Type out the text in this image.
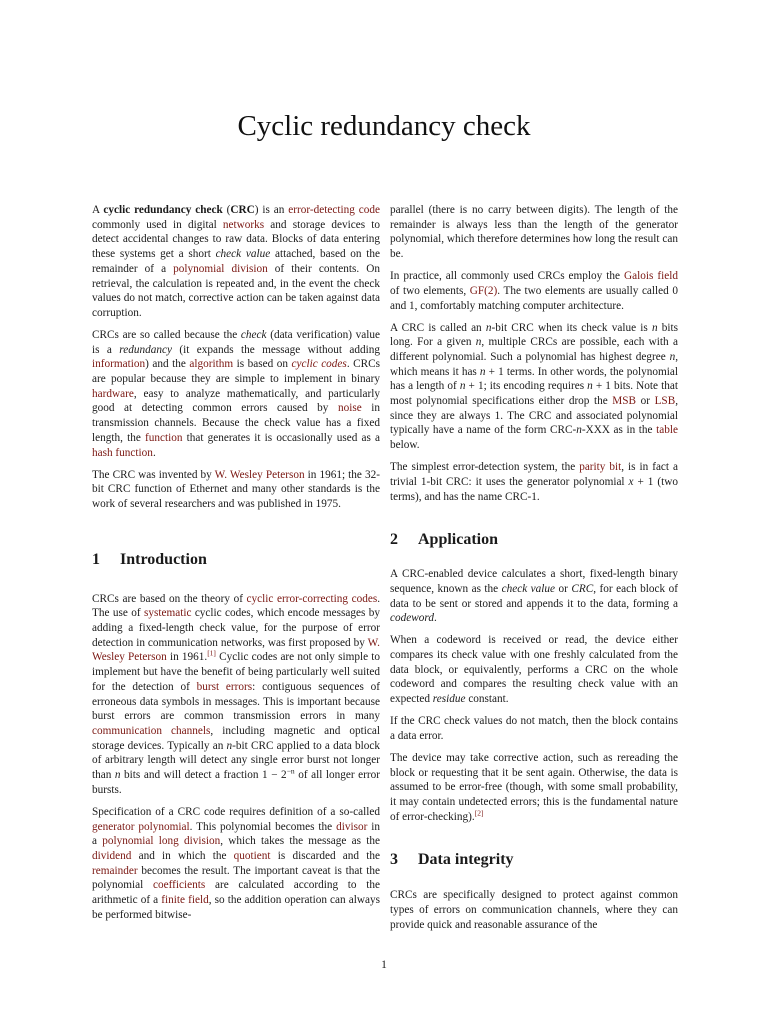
Cyclic redundancy check

A cyclic redundancy check (CRC) is an error-detecting code commonly used in digital networks and storage devices to detect accidental changes to raw data. Blocks of data entering these systems get a short check value attached, based on the remainder of a polynomial division of their contents. On retrieval, the calculation is repeated and, in the event the check values do not match, corrective action can be taken against data corruption.

CRCs are so called because the check (data verification) value is a redundancy (it expands the message without adding information) and the algorithm is based on cyclic codes. CRCs are popular because they are simple to implement in binary hardware, easy to analyze mathematically, and particularly good at detecting common errors caused by noise in transmission channels. Because the check value has a fixed length, the function that generates it is occasionally used as a hash function.

The CRC was invented by W. Wesley Peterson in 1961; the 32-bit CRC function of Ethernet and many other standards is the work of several researchers and was published in 1975.

1 Introduction

CRCs are based on the theory of cyclic error-correcting codes. The use of systematic cyclic codes, which encode messages by adding a fixed-length check value, for the purpose of error detection in communication networks, was first proposed by W. Wesley Peterson in 1961.[1] Cyclic codes are not only simple to implement but have the benefit of being particularly well suited for the detection of burst errors: contiguous sequences of erroneous data symbols in messages. This is important because burst errors are common transmission errors in many communication channels, including magnetic and optical storage devices. Typically an n-bit CRC applied to a data block of arbitrary length will detect any single error burst not longer than n bits and will detect a fraction $1 - 2^{-n}$ of all longer error bursts.

Specification of a CRC code requires definition of a so-called generator polynomial. This polynomial becomes the divisor in a polynomial long division, which takes the message as the dividend and in which the quotient is discarded and the remainder becomes the result. The important caveat is that the polynomial coefficients are calculated according to the arithmetic of a finite field, so the addition operation can always be performed bitwise-

parallel (there is no carry between digits). The length of the remainder is always less than the length of the generator polynomial, which therefore determines how long the result can be.

In practice, all commonly used CRCs employ the Galois field of two elements, GF(2). The two elements are usually called 0 and 1, comfortably matching computer architecture.

A CRC is called an n-bit CRC when its check value is n bits long. For a given n, multiple CRCs are possible, each with a different polynomial. Such a polynomial has highest degree n, which means it has n + 1 terms. In other words, the polynomial has a length of n + 1; its encoding requires n + 1 bits. Note that most polynomial specifications either drop the MSB or LSB, since they are always 1. The CRC and associated polynomial typically have a name of the form CRC-n-XXX as in the table below.

The simplest error-detection system, the parity bit, is in fact a trivial 1-bit CRC: it uses the generator polynomial x + 1 (two terms), and has the name CRC-1.

2 Application

A CRC-enabled device calculates a short, fixed-length binary sequence, known as the check value or CRC, for each block of data to be sent or stored and appends it to the data, forming a codeword.

When a codeword is received or read, the device either compares its check value with one freshly calculated from the data block, or equivalently, performs a CRC on the whole codeword and compares the resulting check value with an expected residue constant.

If the CRC check values do not match, then the block contains a data error.

The device may take corrective action, such as rereading the block or requesting that it be sent again. Otherwise, the data is assumed to be error-free (though, with some small probability, it may contain undetected errors; this is the fundamental nature of error-checking).[2]

3 Data integrity

CRCs are specifically designed to protect against common types of errors on communication channels, where they can provide quick and reasonable assurance of the

1
